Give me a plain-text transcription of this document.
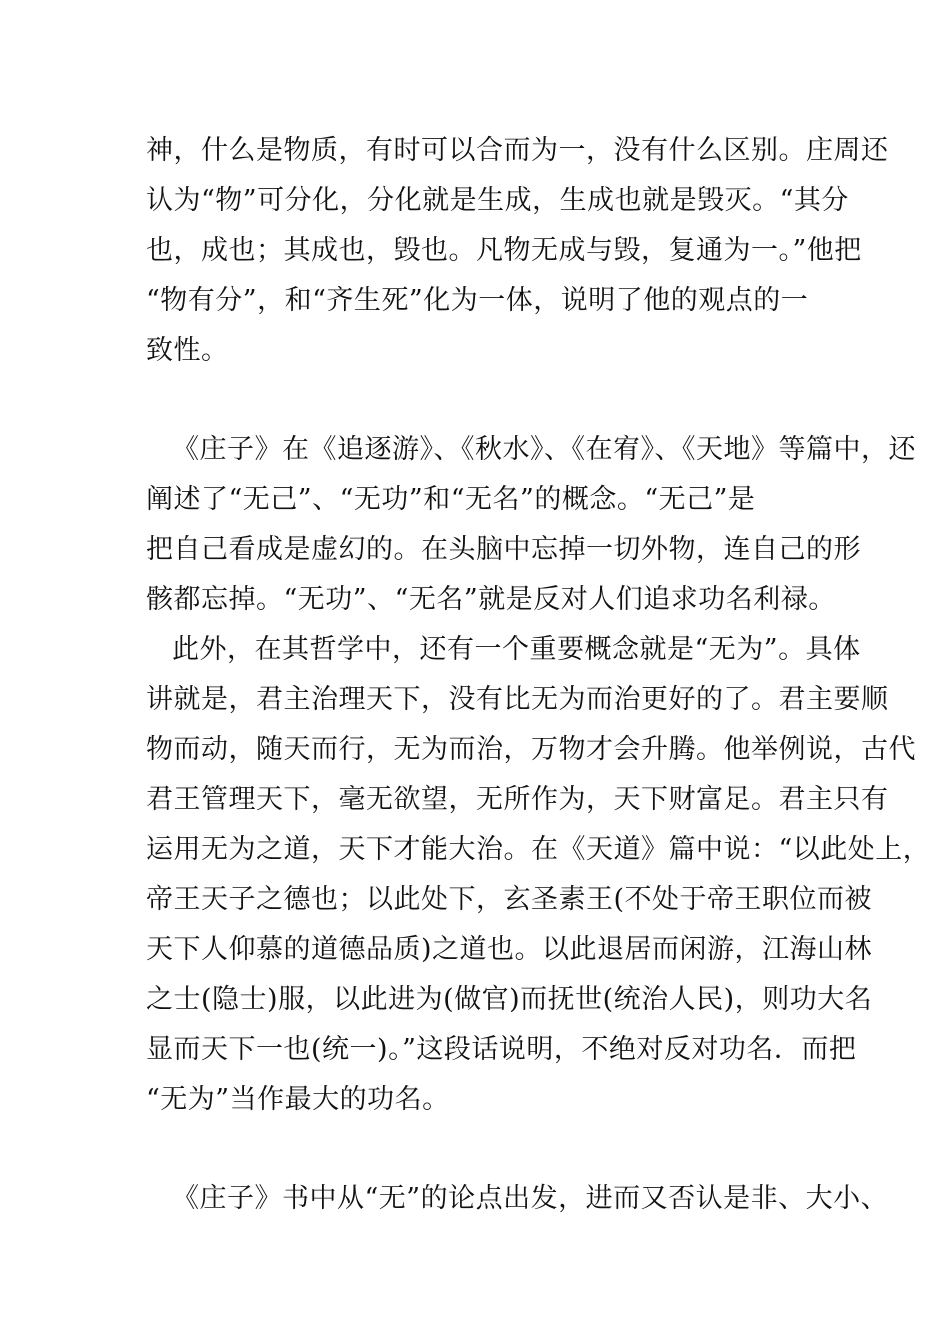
神，什么是物质，有时可以合而为一，没有什么区别。庄周还
认为“物”可分化，分化就是生成，生成也就是毁灭。“其分
也，成也；其成也，毁也。凡物无成与毁，复通为一。”他把
“物有分”，和“齐生死”化为一体，说明了他的观点的一
致性。
《庄子》在《追逐游》、《秋水》、《在宥》、《天地》等篇中，还
阐述了“无己”、“无功”和“无名”的概念。“无己”是
把自己看成是虚幻的。在头脑中忘掉一切外物，连自己的形
骸都忘掉。“无功”、“无名”就是反对人们追求功名利禄。
此外，在其哲学中，还有一个重要概念就是“无为”。具体
讲就是，君主治理天下，没有比无为而治更好的了。君主要顺
物而动，随天而行，无为而治，万物才会升腾。他举例说，古代
君王管理天下，毫无欲望，无所作为，天下财富足。君主只有
运用无为之道，天下才能大治。在《天道》篇中说：“以此处上，
帝王天子之德也；以此处下，玄圣素王(不处于帝王职位而被
天下人仰慕的道德品质)之道也。以此退居而闲游，江海山林
之士(隐士)服，以此进为(做官)而抚世(统治人民)，则功大名
显而天下一也(统一)。”这段话说明，不绝对反对功名．而把
“无为”当作最大的功名。
《庄子》书中从“无”的论点出发，进而又否认是非、大小、
